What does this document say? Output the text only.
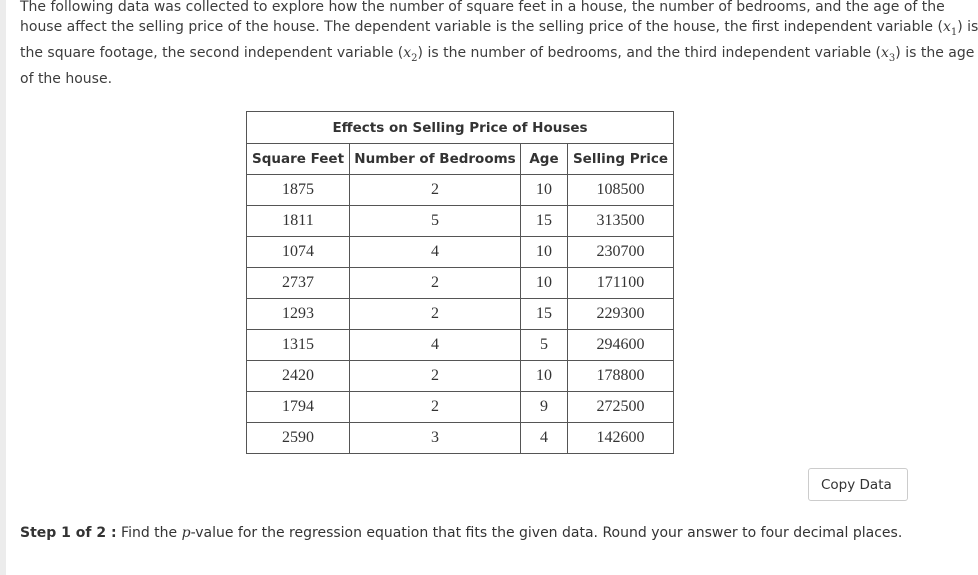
The following data was collected to explore how the number of square feet in a house, the number of bedrooms, and the age of the
house affect the selling price of the house. The dependent variable is the selling price of the house, the first independent variable $(x_1)$ is
the square footage, the second independent variable $(x_2)$ is the number of bedrooms, and the third independent variable $(x_3)$ is the age
of the house.
Effects on Selling Price of Houses			
Square Feet	Number of Bedrooms	Age	Selling Price
1875	2	10	108500
1811	5	15	313500
1074	4	10	230700
2737	2	10	171100
1293	2	15	229300
1315	4	5	294600
2420	2	10	178800
1794	2	9	272500
2590	3	4	142600
Copy Data
Step 1 of 2 : Find the p-value for the regression equation that fits the given data. Round your answer to four decimal places.
